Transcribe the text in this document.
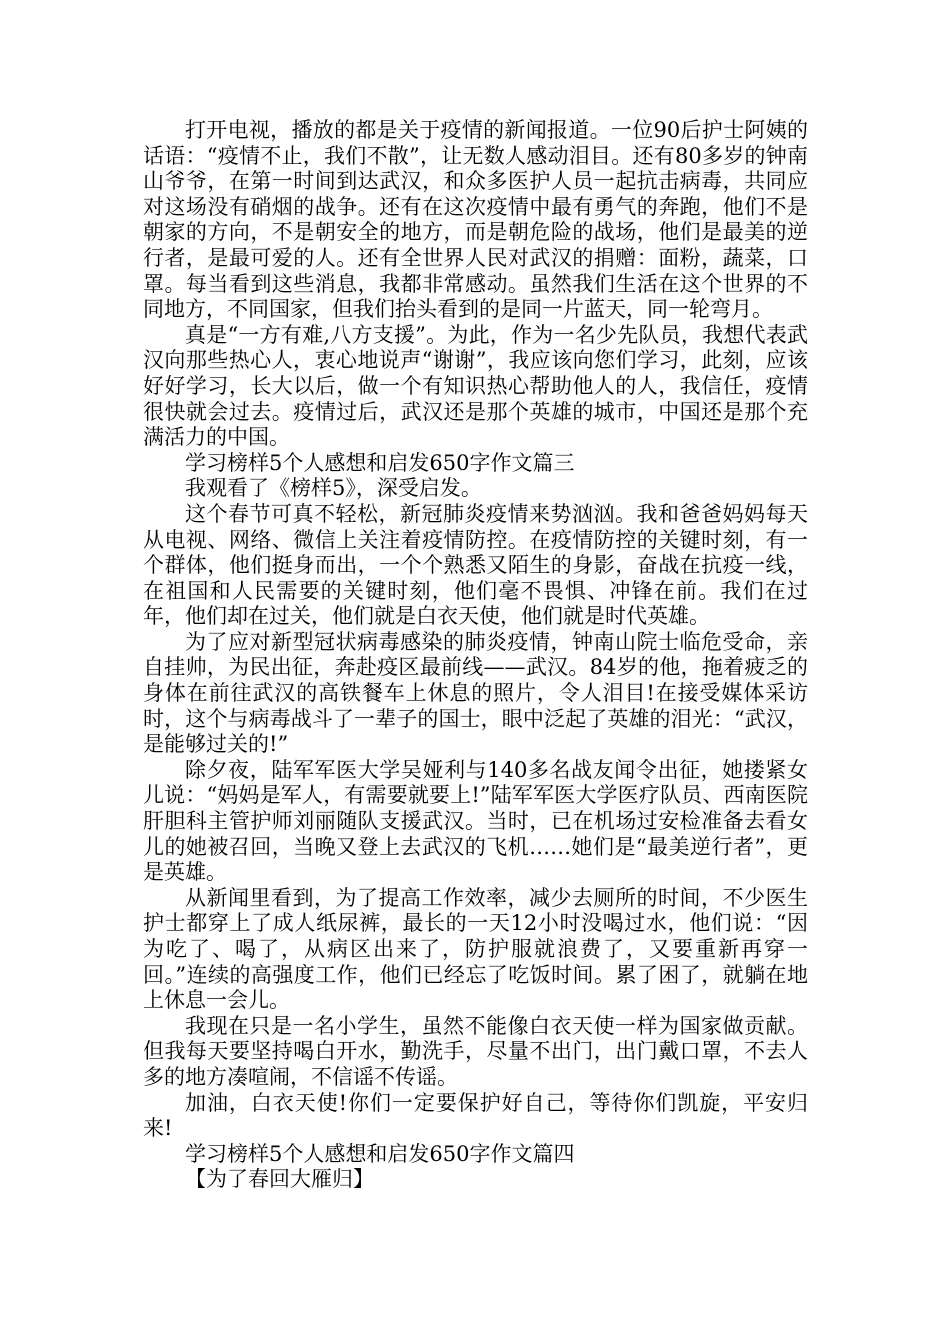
打开电视，播放的都是关于疫情的新闻报道。一位90后护士阿姨的话语：“疫情不止，我们不散”，让无数人感动泪目。还有80多岁的钟南山爷爷，在第一时间到达武汉，和众多医护人员一起抗击病毒，共同应对这场没有硝烟的战争。还有在这次疫情中最有勇气的奔跑，他们不是朝家的方向，不是朝安全的地方，而是朝危险的战场，他们是最美的逆行者，是最可爱的人。还有全世界人民对武汉的捐赠：面粉，蔬菜，口罩。每当看到这些消息，我都非常感动。虽然我们生活在这个世界的不同地方，不同国家，但我们抬头看到的是同一片蓝天，同一轮弯月。

真是“一方有难,八方支援”。为此，作为一名少先队员，我想代表武汉向那些热心人，衷心地说声“谢谢”，我应该向您们学习，此刻，应该好好学习，长大以后，做一个有知识热心帮助他人的人，我信任，疫情很快就会过去。疫情过后，武汉还是那个英雄的城市，中国还是那个充满活力的中国。

学习榜样5个人感想和启发650字作文篇三

我观看了《榜样5》，深受启发。

这个春节可真不轻松，新冠肺炎疫情来势汹汹。我和爸爸妈妈每天从电视、网络、微信上关注着疫情防控。在疫情防控的关键时刻，有一个群体，他们挺身而出，一个个熟悉又陌生的身影，奋战在抗疫一线，在祖国和人民需要的关键时刻，他们毫不畏惧、冲锋在前。我们在过年，他们却在过关，他们就是白衣天使，他们就是时代英雄。

为了应对新型冠状病毒感染的肺炎疫情，钟南山院士临危受命，亲自挂帅，为民出征，奔赴疫区最前线——武汉。84岁的他，拖着疲乏的身体在前往武汉的高铁餐车上休息的照片，令人泪目!在接受媒体采访时，这个与病毒战斗了一辈子的国士，眼中泛起了英雄的泪光：“武汉，是能够过关的!”

除夕夜，陆军军医大学吴娅利与140多名战友闻令出征，她搂紧女儿说：“妈妈是军人，有需要就要上!”陆军军医大学医疗队员、西南医院肝胆科主管护师刘丽随队支援武汉。当时，已在机场过安检准备去看女儿的她被召回，当晚又登上去武汉的飞机……她们是“最美逆行者”，更是英雄。

从新闻里看到，为了提高工作效率，减少去厕所的时间，不少医生护士都穿上了成人纸尿裤，最长的一天12小时没喝过水，他们说：“因为吃了、喝了，从病区出来了，防护服就浪费了，又要重新再穿一回。”连续的高强度工作，他们已经忘了吃饭时间。累了困了，就躺在地上休息一会儿。

我现在只是一名小学生，虽然不能像白衣天使一样为国家做贡献。但我每天要坚持喝白开水，勤洗手，尽量不出门，出门戴口罩，不去人多的地方凑喧闹，不信谣不传谣。

加油，白衣天使!你们一定要保护好自己，等待你们凯旋，平安归来!

学习榜样5个人感想和启发650字作文篇四

【为了春回大雁归】
